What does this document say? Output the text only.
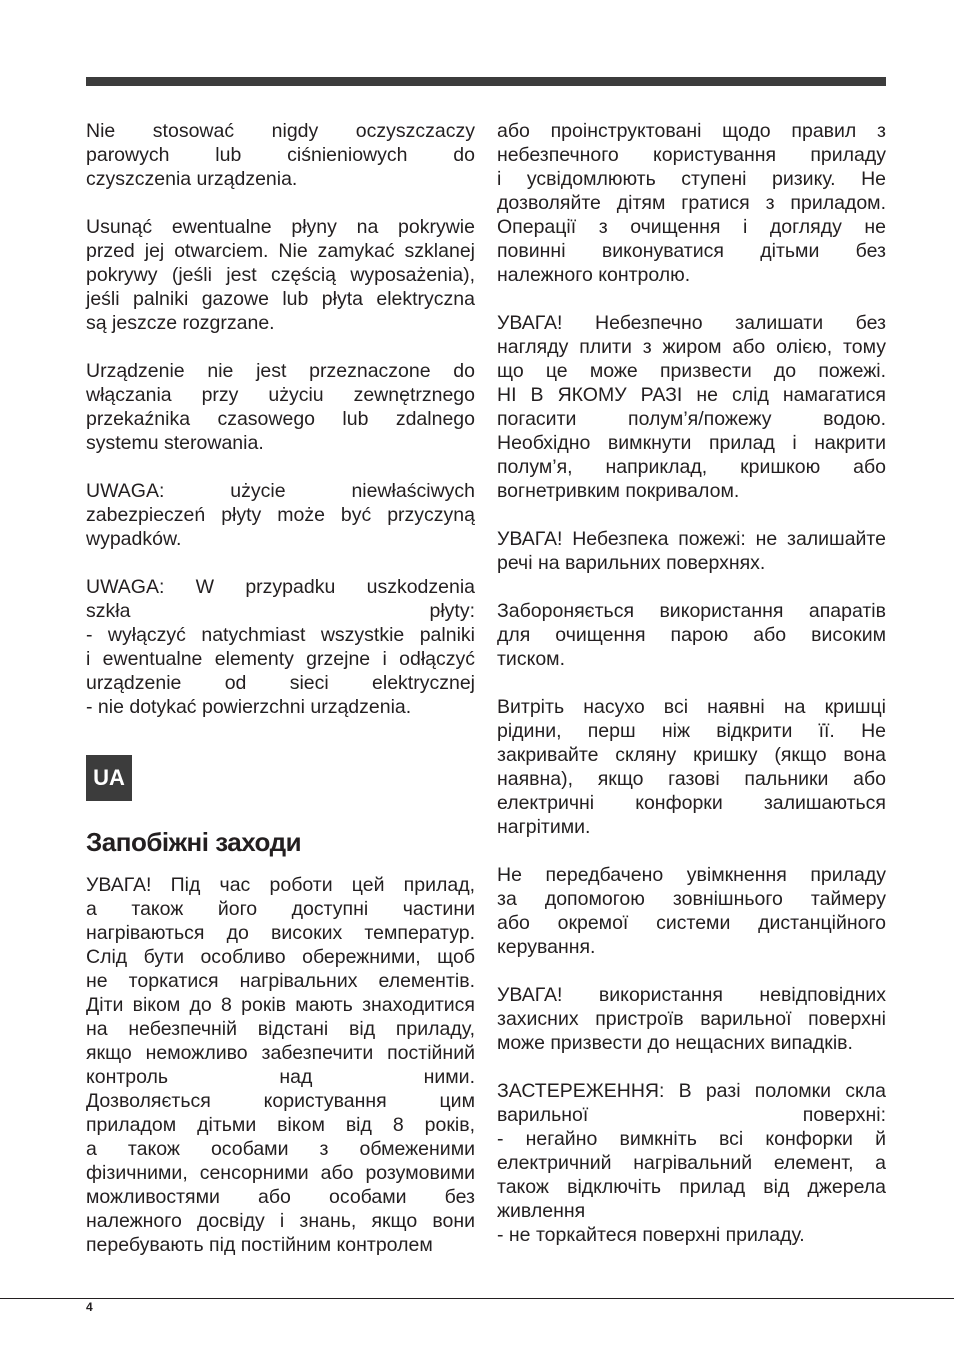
Nie stosować nigdy oczyszczaczy
parowych lub ciśnieniowych do
czyszczenia urządzenia.
Usunąć ewentualne płyny na pokrywie
przed jej otwarciem. Nie zamykać szklanej
pokrywy (jeśli jest częścią wyposażenia),
jeśli palniki gazowe lub płyta elektryczna
są jeszcze rozgrzane.
Urządzenie nie jest przeznaczone do
włączania przy użyciu zewnętrznego
przekaźnika czasowego lub zdalnego
systemu sterowania.
UWAGA: użycie niewłaściwych
zabezpieczeń płyty może być przyczyną
wypadków.
UWAGA: W przypadku uszkodzenia
szkła płyty:
- wyłączyć natychmiast wszystkie palniki
i ewentualne elementy grzejne i odłączyć
urządzenie od sieci elektrycznej
- nie dotykać powierzchni urządzenia.
UA
Запобіжні заходи
УВАГА! Під час роботи цей прилад,
а також його доступні частини
нагріваються до високих температур.
Слід бути особливо обережними, щоб
не торкатися нагрівальних елементів.
Діти віком до 8 років мають знаходитися
на небезпечній відстані від приладу,
якщо неможливо забезпечити постійний
контроль над ними.
Дозволяється користування цим
приладом дітьми віком від 8 років,
а також особами з обмеженими
фізичними, сенсорними або розумовими
можливостями або особами без
належного досвіду і знань, якщо вони
перебувають під постійним контролем
або проінструктовані щодо правил з
небезпечного користування приладу
і усвідомлюють ступені ризику. Не
дозволяйте дітям гратися з приладом.
Операції з очищення і догляду не
повинні виконуватися дітьми без
належного контролю.
УВАГА! Небезпечно залишати без
нагляду плити з жиром або олією, тому
що це може призвести до пожежі.
НІ В ЯКОМУ РАЗІ не слід намагатися
погасити полум’я/пожежу водою.
Необхідно вимкнути прилад і накрити
полум’я, наприклад, кришкою або
вогнетривким покривалом.
УВАГА! Небезпека пожежі: не залишайте
речі на варильних поверхнях.
Забороняється використання апаратів
для очищення парою або високим
тиском.
Витріть насухо всі наявні на кришці
рідини, перш ніж відкрити її. Не
закривайте скляну кришку (якщо вона
наявна), якщо газові пальники або
електричні конфорки залишаються
нагрітими.
Не передбачено увімкнення приладу
за допомогою зовнішнього таймеру
або окремої системи дистанційного
керування.
УВАГА! використання невідповідних
захисних пристроїв варильної поверхні
може призвести до нещасних випадків.
ЗАСТЕРЕЖЕННЯ: В разі поломки скла
варильної поверхні:
- негайно вимкніть всі конфорки й
електричний нагрівальний елемент, а
також відключіть прилад від джерела
живлення
- не торкайтеся поверхні приладу.
4
